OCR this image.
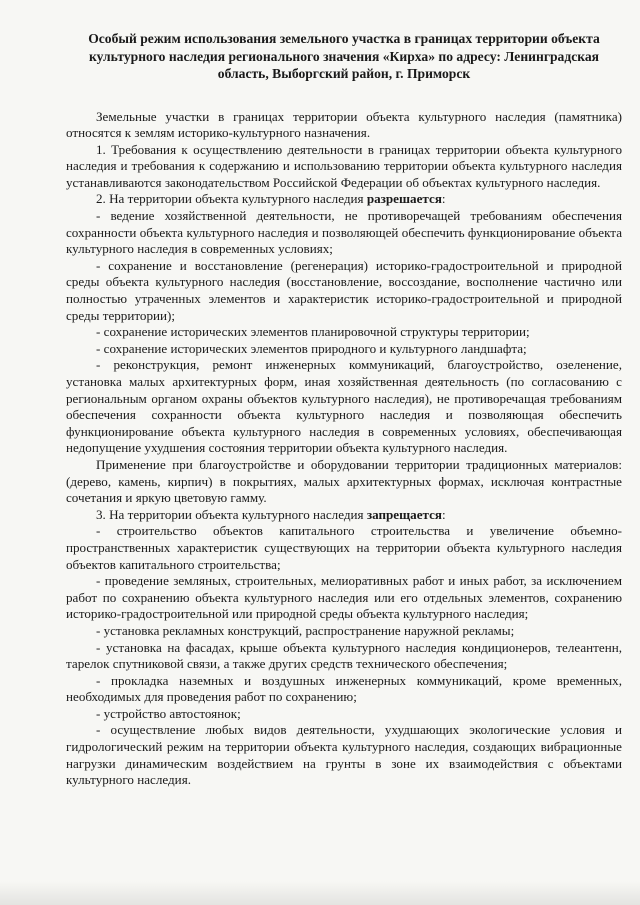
Особый режим использования земельного участка в границах территории объекта культурного наследия регионального значения «Кирха» по адресу: Ленинградская область, Выборгский район, г. Приморск

Земельные участки в границах территории объекта культурного наследия (памятника) относятся к землям историко-культурного назначения.

1. Требования к осуществлению деятельности в границах территории объекта культурного наследия и требования к содержанию и использованию территории объекта культурного наследия устанавливаются законодательством Российской Федерации об объектах культурного наследия.

2. На территории объекта культурного наследия разрешается:

- ведение хозяйственной деятельности, не противоречащей требованиям обеспечения сохранности объекта культурного наследия и позволяющей обеспечить функционирование объекта культурного наследия в современных условиях;

- сохранение и восстановление (регенерация) историко-градостроительной и природной среды объекта культурного наследия (восстановление, воссоздание, восполнение частично или полностью утраченных элементов и характеристик историко-градостроительной и природной среды территории);

- сохранение исторических элементов планировочной структуры территории;

- сохранение исторических элементов природного и культурного ландшафта;

- реконструкция, ремонт инженерных коммуникаций, благоустройство, озеленение, установка малых архитектурных форм, иная хозяйственная деятельность (по согласованию с региональным органом охраны объектов культурного наследия), не противоречащая требованиям обеспечения сохранности объекта культурного наследия и позволяющая обеспечить функционирование объекта культурного наследия в современных условиях, обеспечивающая недопущение ухудшения состояния территории объекта культурного наследия.

Применение при благоустройстве и оборудовании территории традиционных материалов: (дерево, камень, кирпич) в покрытиях, малых архитектурных формах, исключая контрастные сочетания и яркую цветовую гамму.

3. На территории объекта культурного наследия запрещается:

- строительство объектов капитального строительства и увеличение объемно-пространственных характеристик существующих на территории объекта культурного наследия объектов капитального строительства;

- проведение земляных, строительных, мелиоративных работ и иных работ, за исключением работ по сохранению объекта культурного наследия или его отдельных элементов, сохранению историко-градостроительной или природной среды объекта культурного наследия;

- установка рекламных конструкций, распространение наружной рекламы;

- установка на фасадах, крыше объекта культурного наследия кондиционеров, телеантенн, тарелок спутниковой связи, а также других средств технического обеспечения;

- прокладка наземных и воздушных инженерных коммуникаций, кроме временных, необходимых для проведения работ по сохранению;

- устройство автостоянок;

- осуществление любых видов деятельности, ухудшающих экологические условия и гидрологический режим на территории объекта культурного наследия, создающих вибрационные нагрузки динамическим воздействием на грунты в зоне их взаимодействия с объектами культурного наследия.
